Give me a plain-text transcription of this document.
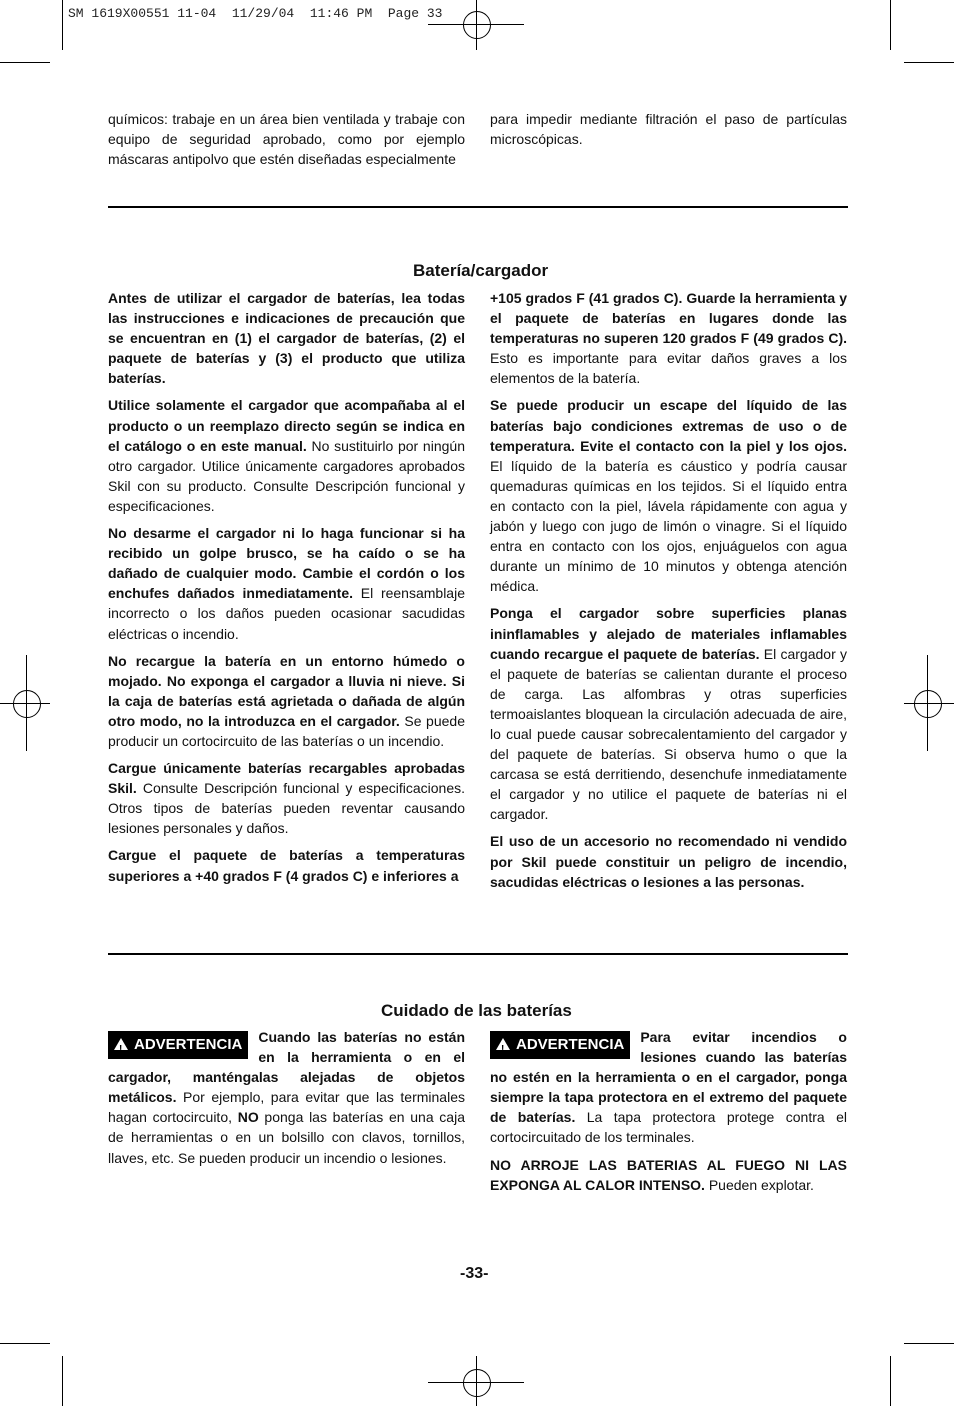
SM 1619X00551 11-04  11/29/04  11:46 PM  Page 33

químicos: trabaje en un área bien ventilada y trabaje con equipo de seguridad aprobado, como por ejemplo máscaras antipolvo que estén diseñadas especialmente

para impedir mediante filtración el paso de partículas microscópicas.

Batería/cargador

Antes de utilizar el cargador de baterías, lea todas las instrucciones e indicaciones de precaución que se encuentran en (1) el cargador de baterías, (2) el paquete de baterías y (3) el producto que utiliza baterías.

Utilice solamente el cargador que acompañaba al el producto o un reemplazo directo según se indica en el catálogo o en este manual. No sustituirlo por ningún otro cargador. Utilice únicamente cargadores aprobados Skil con su producto. Consulte Descripción funcional y especificaciones.

No desarme el cargador ni lo haga funcionar si ha recibido un golpe brusco, se ha caído o se ha dañado de cualquier modo. Cambie el cordón o los enchufes dañados inmediatamente. El reensamblaje incorrecto o los daños pueden ocasionar sacudidas eléctricas o incendio.

No recargue la batería en un entorno húmedo o mojado. No exponga el cargador a lluvia ni nieve. Si la caja de baterías está agrietada o dañada de algún otro modo, no la introduzca en el cargador. Se puede producir un cortocircuito de las baterías o un incendio.

Cargue únicamente baterías recargables aprobadas Skil. Consulte Descripción funcional y especificaciones. Otros tipos de baterías pueden reventar causando lesiones personales y daños.

Cargue el paquete de baterías a temperaturas superiores a +40 grados F (4 grados C) e inferiores a

+105 grados F (41 grados C). Guarde la herramienta y el paquete de baterías en lugares donde las temperaturas no superen 120 grados F (49 grados C). Esto es importante para evitar daños graves a los elementos de la batería.

Se puede producir un escape del líquido de las baterías bajo condiciones extremas de uso o de temperatura. Evite el contacto con la piel y los ojos. El líquido de la batería es cáustico y podría causar quemaduras químicas en los tejidos. Si el líquido entra en contacto con la piel, lávela rápidamente con agua y jabón y luego con jugo de limón o vinagre. Si el líquido entra en contacto con los ojos, enjuáguelos con agua durante un mínimo de 10 minutos y obtenga atención médica.

Ponga el cargador sobre superficies planas ininflamables y alejado de materiales inflamables cuando recargue el paquete de baterías. El cargador y el paquete de baterías se calientan durante el proceso de carga. Las alfombras y otras superficies termoaislantes bloquean la circulación adecuada de aire, lo cual puede causar sobrecalentamiento del cargador y del paquete de baterías. Si observa humo o que la carcasa se está derritiendo, desenchufe inmediatamente el cargador y no utilice el paquete de baterías ni el cargador.

El uso de un accesorio no recomendado ni vendido por Skil puede constituir un peligro de incendio, sacudidas eléctricas o lesiones a las personas.

Cuidado de las baterías

!ADVERTENCIA	Cuando las baterías no están en la herramienta o en el cargador, manténgalas alejadas de objetos metálicos. Por ejemplo, para evitar que las terminales hagan cortocircuito, NO ponga las baterías en una caja de herramientas o en un bolsillo con clavos, tornillos, llaves, etc. Se pueden producir un incendio o lesiones.

!ADVERTENCIA	Para evitar incendios o lesiones cuando las baterías no estén en la herramienta o en el cargador, ponga siempre la tapa protectora en el extremo del paquete de baterías. La tapa protectora protege contra el cortocircuitado de los terminales.

NO ARROJE LAS BATERIAS AL FUEGO NI LAS EXPONGA AL CALOR INTENSO. Pueden explotar.

-33-
